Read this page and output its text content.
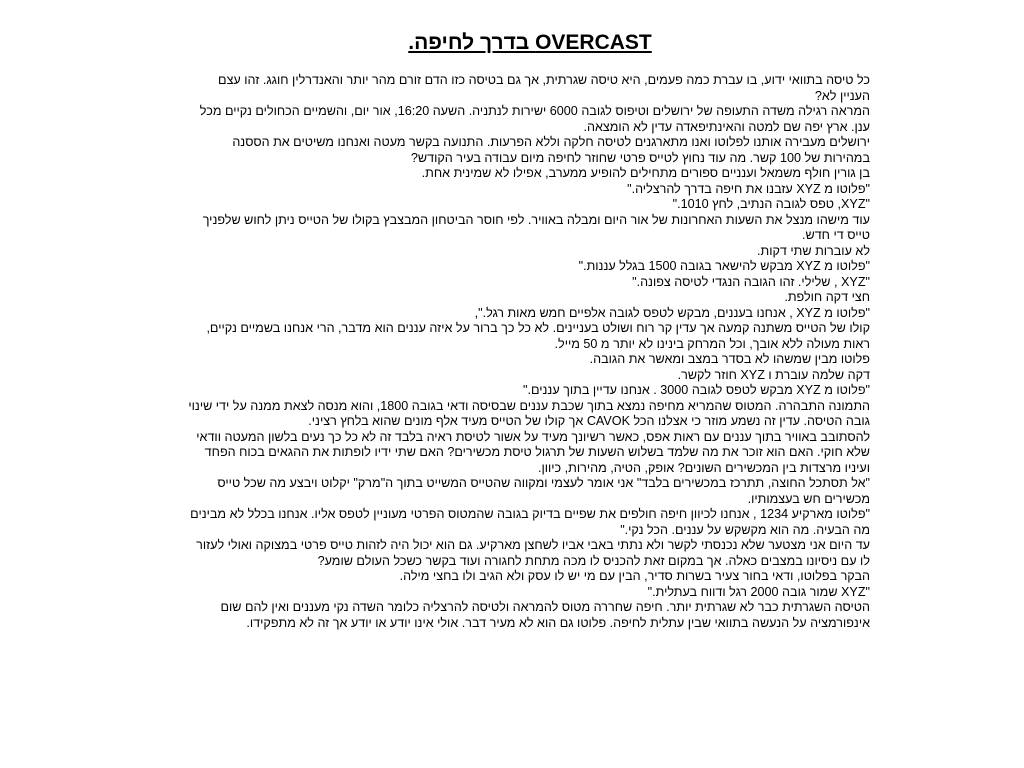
OVERCAST בדרך לחיפה.

כל טיסה בתוואי ידוע, בו עברת כמה פעמים, היא טיסה שגרתית, אך גם בטיסה כזו הדם זורם מהר יותר והאנדרלין חוגג. זהו עצם העניין לא?

המראה רגילה משדה התעופה של ירושלים וטיפוס לגובה 6000 ישירות לנתניה. השעה 16:20, אור יום, והשמיים הכחולים נקיים מכל ענן. ארץ יפה שם למטה והאינתיפאדה עדין לא הומצאה.

ירושלים מעבירה אותנו לפלוטו ואנו מתארגנים לטיסה חלקה וללא הפרעות. התנועה בקשר מעטה ואנחנו משיטים את הססנה במהירות של 100 קשר. מה עוד נחוץ לטייס פרטי שחוזר לחיפה מיום עבודה בעיר הקודש?

בן גורין חולף משמאל וענניים ספורים מתחילים להופיע ממערב, אפילו לא שמינית אחת.

"פלוטו מ XYZ עזבנו את חיפה בדרך להרצליה."

"XYZ, טפס לגובה הנתיב, לחץ 1010."

עוד מישהו מנצל את השעות האחרונות של אור היום ומבלה באוויר. לפי חוסר הביטחון המבצבץ בקולו של הטייס ניתן לחוש שלפניך טייס די חדש.

לא עוברות שתי דקות.

"פלוטו מ XYZ מבקש להישאר בגובה 1500 בגלל עננות."

"XYZ , שלילי. זהו הגובה הנגדי לטיסה צפונה."

חצי דקה חולפת.

"פלוטו מ XYZ , אנחנו בעננים, מבקש לטפס לגובה אלפיים חמש מאות רגל.",

קולו של הטייס משתנה קמעה אך עדין קר רוח ושולט בעניינים. לא כל כך ברור על איזה עננים הוא מדבר, הרי אנחנו בשמיים נקיים, ראות מעולה ללא אובך, וכל המרחק בינינו לא יותר מ 50 מייל.

פלוטו מבין שמשהו לא בסדר במצב ומאשר את הגובה.

דקה שלמה עוברת ו XYZ חוזר לקשר.

"פלוטו מ XYZ מבקש לטפס לגובה 3000 . אנחנו עדיין בתוך עננים."

התמונה התבהרה. המטוס שהמריא מחיפה נמצא בתוך שכבת עננים שבסיסה ודאי בגובה 1800, והוא מנסה לצאת ממנה על ידי שינוי גובה הטיסה. עדין זה נשמע מוזר כי אצלנו הכל CAVOK אך קולו של הטייס מעיד אלף מונים שהוא בלחץ רציני.

להסתובב באוויר בתוך עננים עם ראות אפס, כאשר רשיונך מעיד על אשור לטיסת ראיה בלבד זה לא כל כך נעים בלשון המעטה וודאי שלא חוקי. האם הוא זוכר את מה שלמד בשלוש השעות של תרגול טיסת מכשירים? האם שתי ידיו לופתות את ההגאים בכוח הפחד ועיניו מרצדות בין המכשירים השונים? אופק, הטיה, מהירות, כיוון.

"אל תסתכל החוצה, תתרכז במכשירים בלבד" אני אומר לעצמי ומקווה שהטייס המשייט בתוך ה"מרק" יקלוט ויבצע מה שכל טייס מכשירים חש בעצמותיו.

"פלוטו מארקיע 1234 , אנחנו לכיוון חיפה חולפים את שפיים בדיוק בגובה שהמטוס הפרטי מעוניין לטפס אליו. אנחנו בכלל לא מבינים מה הבעיה. מה הוא מקשקש על עננים. הכל נקי."

עד היום אני מצטער שלא נכנסתי לקשר ולא נתתי באבי אביו לשחצן מארקיע. גם הוא יכול היה לזהות טייס פרטי במצוקה ואולי לעזור לו עם ניסיונו במצבים כאלה. אך במקום זאת להכניס לו מכה מתחת לחגורה ועוד בקשר כשכל העולם שומע?

הבקר בפלוטו, ודאי בחור צעיר בשרות סדיר, הבין עם מי יש לו עסק ולא הגיב ולו בחצי מילה.

"XYZ שמור גובה 2000 רגל ודווח בעתלית."

הטיסה השגרתית כבר לא שגרתית יותר. חיפה שחררה מטוס להמראה ולטיסה להרצליה כלומר השדה נקי מעננים ואין להם שום אינפורמציה על הנעשה בתוואי שבין עתלית לחיפה. פלוטו גם הוא לא מעיר דבר. אולי אינו יודע או יודע אך זה לא מתפקידו.
